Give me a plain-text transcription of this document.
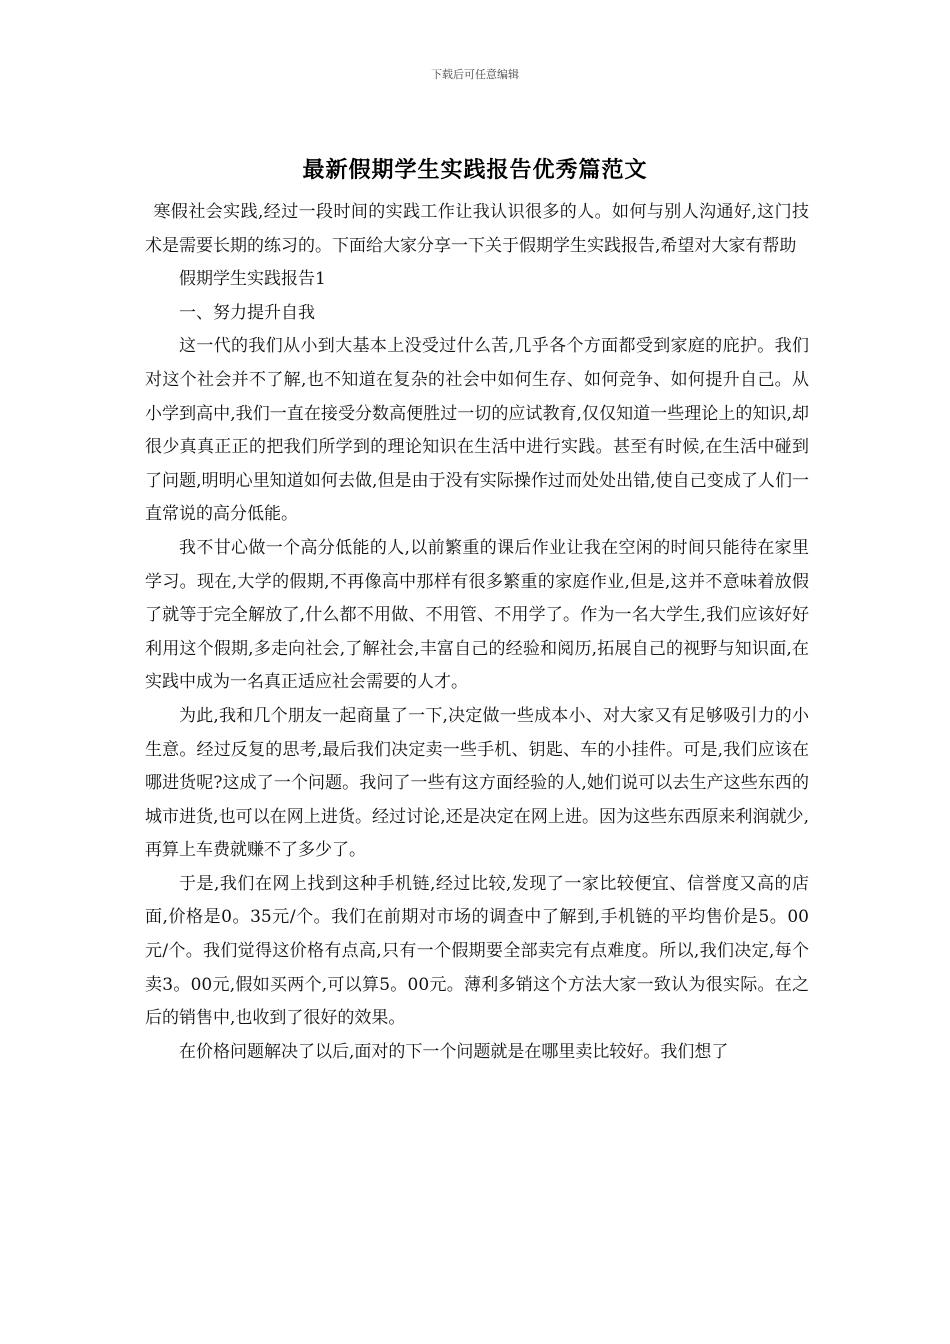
下载后可任意编辑
最新假期学生实践报告优秀篇范文

寒假社会实践,经过一段时间的实践工作让我认识很多的人。如何与别人沟通好,这门技术是需要长期的练习的。下面给大家分享一下关于假期学生实践报告,希望对大家有帮助

假期学生实践报告1

一、努力提升自我

这一代的我们从小到大基本上没受过什么苦,几乎各个方面都受到家庭的庇护。我们对这个社会并不了解,也不知道在复杂的社会中如何生存、如何竞争、如何提升自己。从小学到高中,我们一直在接受分数高便胜过一切的应试教育,仅仅知道一些理论上的知识,却很少真真正正的把我们所学到的理论知识在生活中进行实践。甚至有时候,在生活中碰到了问题,明明心里知道如何去做,但是由于没有实际操作过而处处出错,使自己变成了人们一直常说的高分低能。

我不甘心做一个高分低能的人,以前繁重的课后作业让我在空闲的时间只能待在家里学习。现在,大学的假期,不再像高中那样有很多繁重的家庭作业,但是,这并不意味着放假了就等于完全解放了,什么都不用做、不用管、不用学了。作为一名大学生,我们应该好好利用这个假期,多走向社会,了解社会,丰富自己的经验和阅历,拓展自己的视野与知识面,在实践中成为一名真正适应社会需要的人才。

为此,我和几个朋友一起商量了一下,决定做一些成本小、对大家又有足够吸引力的小生意。经过反复的思考,最后我们决定卖一些手机、钥匙、车的小挂件。可是,我们应该在哪进货呢?这成了一个问题。我问了一些有这方面经验的人,她们说可以去生产这些东西的城市进货,也可以在网上进货。经过讨论,还是决定在网上进。因为这些东西原来利润就少,再算上车费就赚不了多少了。

于是,我们在网上找到这种手机链,经过比较,发现了一家比较便宜、信誉度又高的店面,价格是0。35元/个。我们在前期对市场的调查中了解到,手机链的平均售价是5。00元/个。我们觉得这价格有点高,只有一个假期要全部卖完有点难度。所以,我们决定,每个卖3。00元,假如买两个,可以算5。00元。薄利多销这个方法大家一致认为很实际。在之后的销售中,也收到了很好的效果。

在价格问题解决了以后,面对的下一个问题就是在哪里卖比较好。我们想了
